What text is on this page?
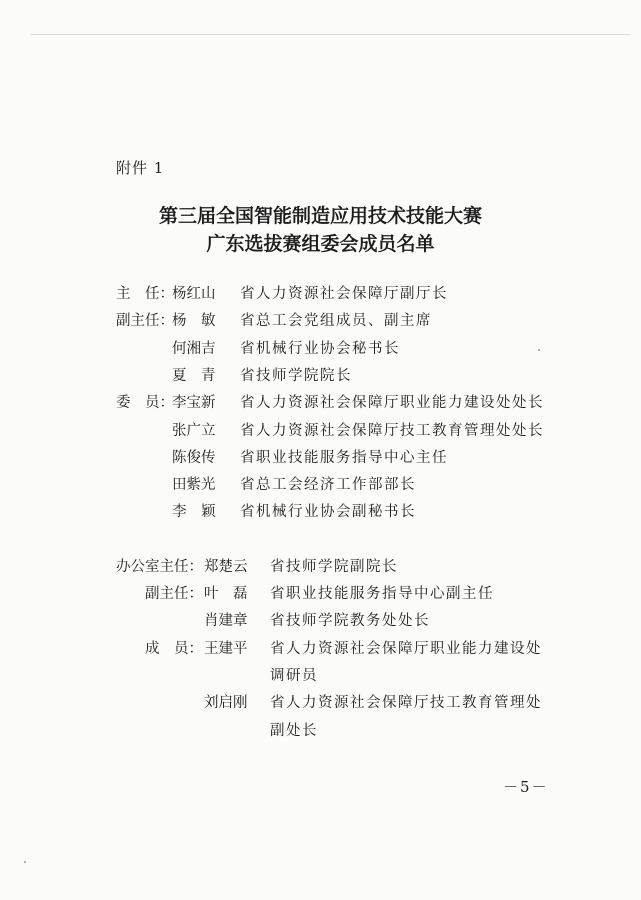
附件 1
第三届全国智能制造应用技术技能大赛
广东选拔赛组委会成员名单
主　任：
杨红山 省人力资源社会保障厅副厅长
副主任：
杨　敏 省总工会党组成员、副主席
何湘吉 省机械行业协会秘书长
夏　青 省技师学院院长
委　员：
李宝新 省人力资源社会保障厅职业能力建设处处长
张广立 省人力资源社会保障厅技工教育管理处处长
陈俊传 省职业技能服务指导中心主任
田紫光 省总工会经济工作部部长
李　颖 省机械行业协会副秘书长
办公室主任： 郑楚云 省技师学院副院长
副主任： 叶　磊 省职业技能服务指导中心副主任
肖建章 省技师学院教务处处长
成　员： 王建平 省人力资源社会保障厅职业能力建设处
调研员
刘启刚 省人力资源社会保障厅技工教育管理处
副处长
－5－
